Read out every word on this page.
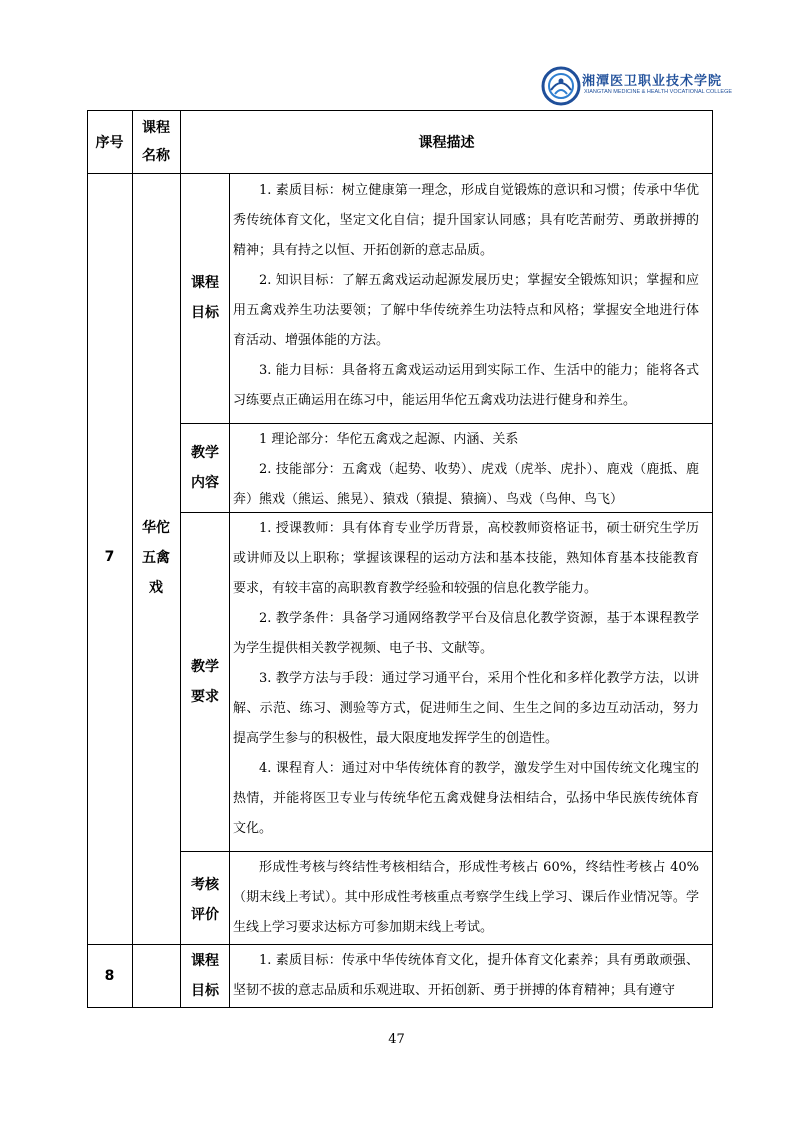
湘潭医卫职业技术学院
XIANGTAN MEDICINE & HEALTH VOCATIONAL COLLEGE
序号
课程
名称
课程描述
7
华佗
五禽
戏
课程
目标

1. 素质目标：树立健康第一理念，形成自觉锻炼的意识和习惯；传承中华优秀传统体育文化，坚定文化自信；提升国家认同感；具有吃苦耐劳、勇敢拼搏的精神；具有持之以恒、开拓创新的意志品质。

2. 知识目标：了解五禽戏运动起源发展历史；掌握安全锻炼知识；掌握和应用五禽戏养生功法要领；了解中华传统养生功法特点和风格；掌握安全地进行体育活动、增强体能的方法。

3. 能力目标：具备将五禽戏运动运用到实际工作、生活中的能力；能将各式习练要点正确运用在练习中，能运用华佗五禽戏功法进行健身和养生。

教学
内容

1 理论部分：华佗五禽戏之起源、内涵、关系

2. 技能部分：五禽戏（起势、收势）、虎戏（虎举、虎扑）、鹿戏（鹿抵、鹿奔）熊戏（熊运、熊晃）、猿戏（猿提、猿摘）、鸟戏（鸟伸、鸟飞）

教学
要求

1. 授课教师：具有体育专业学历背景，高校教师资格证书，硕士研究生学历或讲师及以上职称；掌握该课程的运动方法和基本技能，熟知体育基本技能教育要求，有较丰富的高职教育教学经验和较强的信息化教学能力。

2. 教学条件：具备学习通网络教学平台及信息化教学资源，基于本课程教学为学生提供相关教学视频、电子书、文献等。

3. 教学方法与手段：通过学习通平台，采用个性化和多样化教学方法，以讲解、示范、练习、测验等方式，促进师生之间、生生之间的多边互动活动，努力提高学生参与的积极性，最大限度地发挥学生的创造性。

4. 课程育人：通过对中华传统体育的教学，激发学生对中国传统文化瑰宝的热情，并能将医卫专业与传统华佗五禽戏健身法相结合，弘扬中华民族传统体育文化。

考核
评价

形成性考核与终结性考核相结合，形成性考核占 60%，终结性考核占 40%（期末线上考试）。其中形成性考核重点考察学生线上学习、课后作业情况等。学生线上学习要求达标方可参加期末线上考试。

8
课程
目标

1. 素质目标：传承中华传统体育文化，提升体育文化素养；具有勇敢顽强、坚韧不拔的意志品质和乐观进取、开拓创新、勇于拼搏的体育精神；具有遵守

47
